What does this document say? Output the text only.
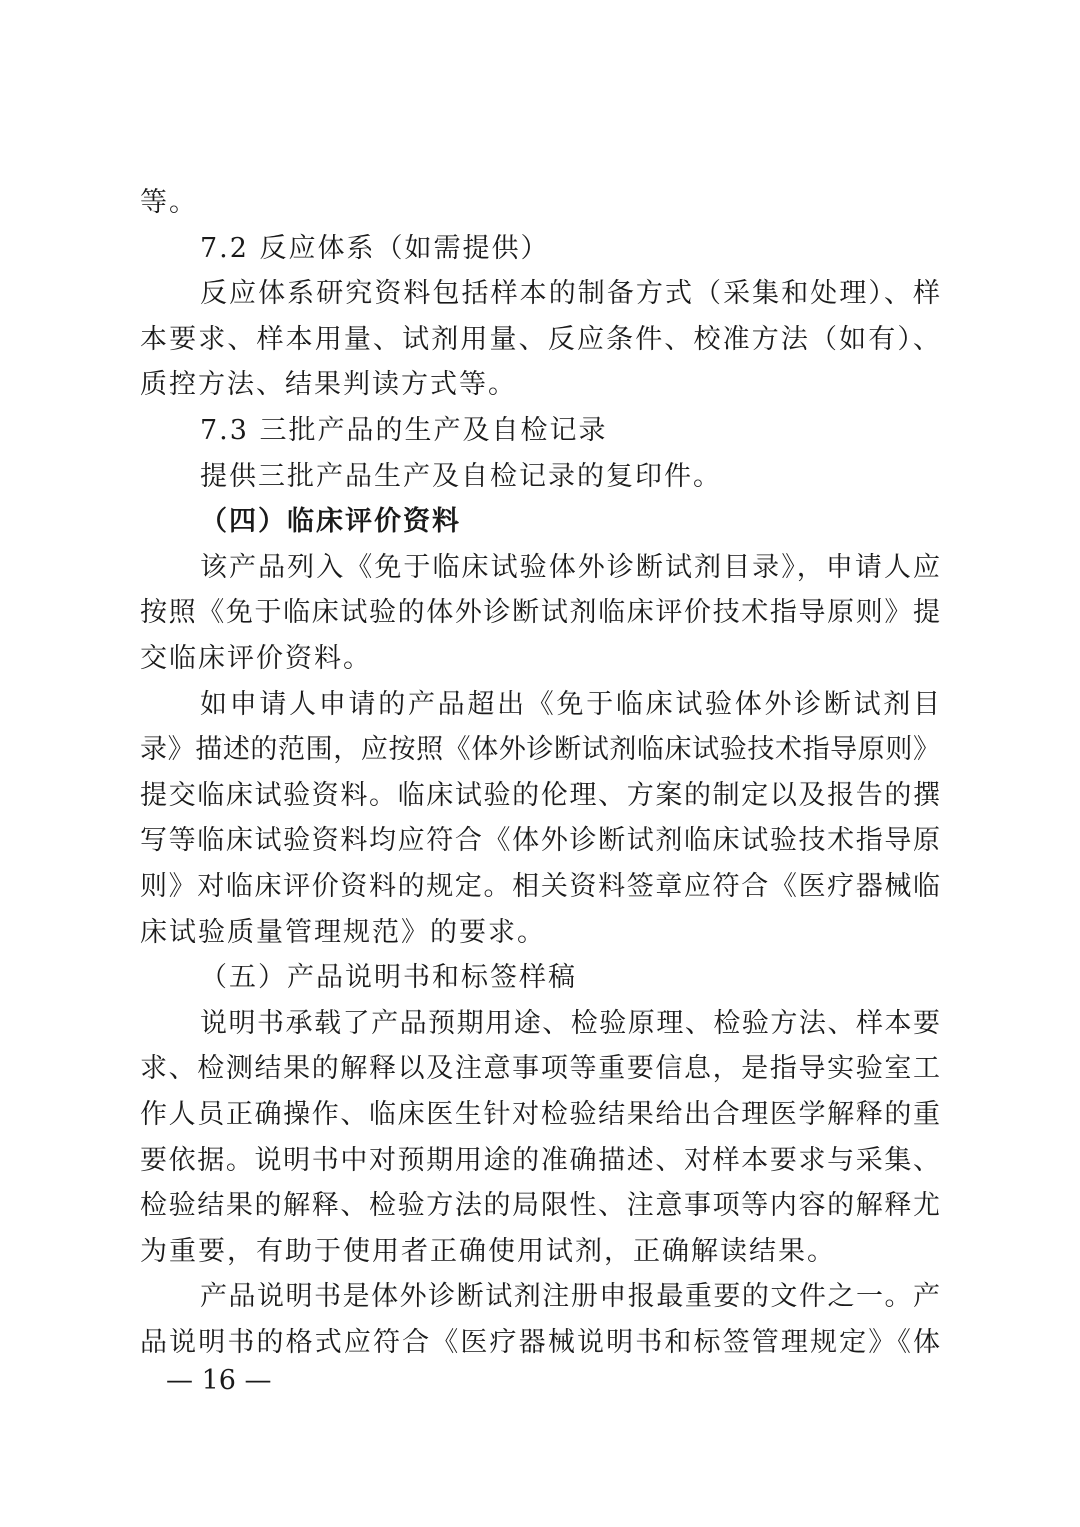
等。
7.2 反应体系（如需提供）
反应体系研究资料包括样本的制备方式（采集和处理）、样
本要求、样本用量、试剂用量、反应条件、校准方法（如有）、
质控方法、结果判读方式等。
7.3 三批产品的生产及自检记录
提供三批产品生产及自检记录的复印件。
（四）临床评价资料
该产品列入《免于临床试验体外诊断试剂目录》，申请人应
按照《免于临床试验的体外诊断试剂临床评价技术指导原则》提
交临床评价资料。
如申请人申请的产品超出《免于临床试验体外诊断试剂目
录》描述的范围，应按照《体外诊断试剂临床试验技术指导原则》
提交临床试验资料。临床试验的伦理、方案的制定以及报告的撰
写等临床试验资料均应符合《体外诊断试剂临床试验技术指导原
则》对临床评价资料的规定。相关资料签章应符合《医疗器械临
床试验质量管理规范》的要求。
（五）产品说明书和标签样稿
说明书承载了产品预期用途、检验原理、检验方法、样本要
求、检测结果的解释以及注意事项等重要信息，是指导实验室工
作人员正确操作、临床医生针对检验结果给出合理医学解释的重
要依据。说明书中对预期用途的准确描述、对样本要求与采集、
检验结果的解释、检验方法的局限性、注意事项等内容的解释尤
为重要，有助于使用者正确使用试剂，正确解读结果。
产品说明书是体外诊断试剂注册申报最重要的文件之一。产
品说明书的格式应符合《医疗器械说明书和标签管理规定》《体
— 16 —
